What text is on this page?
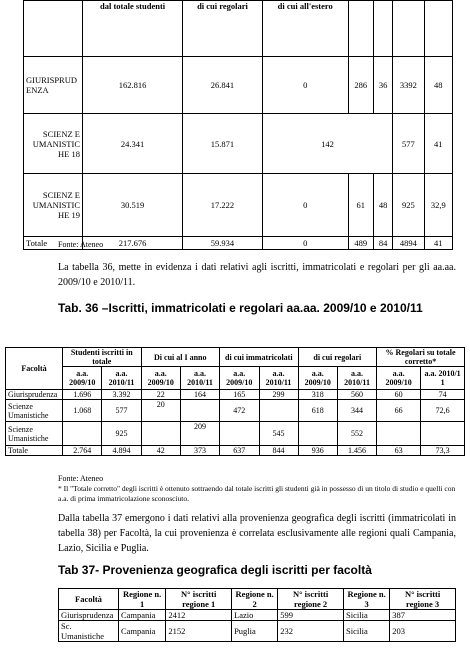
	dal totale studenti	di cui regolari	di cui all'estero				
GIURISPRUD ENZA	162.816	26.841	0	286	36	3392	48
SCIENZ E UMANISTIC HE 18	24.341	15.871	142			577	41
SCIENZ E UMANISTIC HE 19	30.519	17.222	0	61	48	925	32,9
Totale	217.676	59.934	0	489	84	4894	41
Fonte: Ateneo
La tabella 36, mette in evidenza i dati relativi agli iscritti, immatricolati e regolari per gli aa.aa. 2009/10 e 2010/11.
Tab. 36 –Iscritti, immatricolati e regolari aa.aa. 2009/10 e 2010/11
Facoltà	Studenti iscritti in totale		Di cui al I anno		di cui immatricolati		di cui regolari		% Regolari su totale corretto*	
	a.a. 2009/10	a.a. 2010/11	a.a. 2009/10	a.a. 2010/11	a.a. 2009/10	a.a. 2010/11	a.a. 2009/10	a.a. 2010/11	a.a. 2009/10	a.a. 2010/1 1
Giurisprudenza	1.696	3.392	22	164	165	299	318	560	60	74
Scienze Umanistiche	1.068	577	20		472		618	344	66	72,6
Scienze Umanistiche		925		209		545		552		
Totale	2.764	4.894	42	373	637	844	936	1.456	63	73,3
Fonte: Ateneo
* Il "Totale corretto" degli iscritti è ottenuto sottraendo dal totale iscritti gli studenti già in possesso di un titolo di studio e quelli con a.a. di prima immatricolazione sconosciuto.
Dalla tabella 37 emergono i dati relativi alla provenienza geografica degli iscritti (immatricolati in tabella 38) per Facoltà, la cui provenienza è correlata esclusivamente alle regioni quali Campania, Lazio, Sicilia e Puglia.
Tab 37- Provenienza geografica degli iscritti per facoltà
Facoltà	Regione n. 1	N° iscritti regione 1	Regione n. 2	N° iscritti regione 2	Regione n. 3	N° iscritti regione 3
Giurisprudenza	Campania	2412	Lazio	599	Sicilia	387
Sc. Umanistiche	Campania	2152	Puglia	232	Sicilia	203
